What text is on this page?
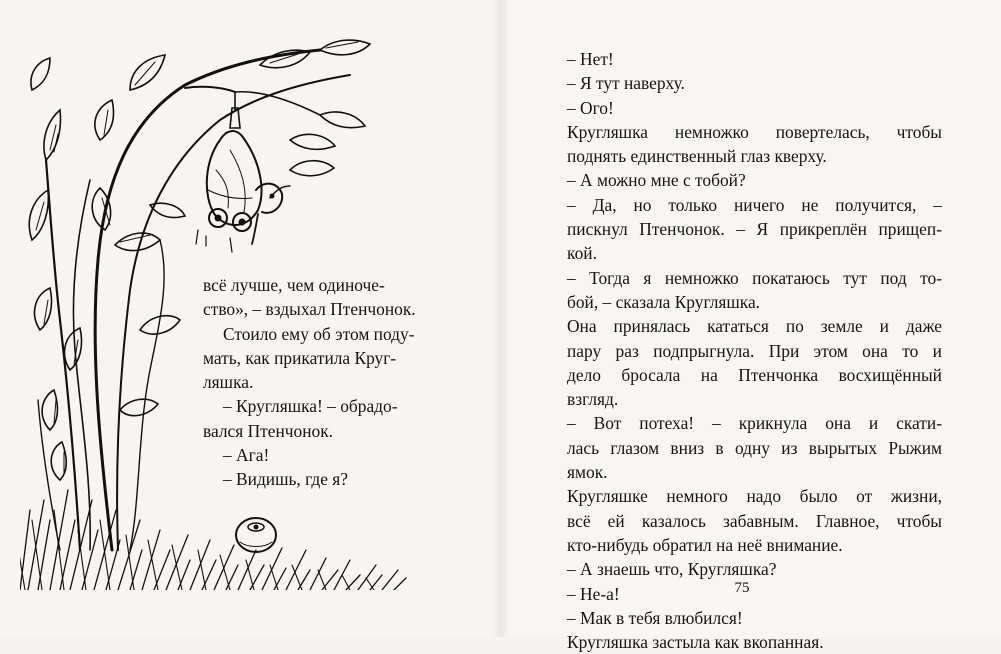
всё лучше, чем одиноче-
ство», – вздыхал Птенчонок.
Стоило ему об этом поду-
мать, как прикатила Круг-
ляшка.
– Кругляшка! – обрадо-
вался Птенчонок.
– Ага!
– Видишь, где я?
– Нет!
– Я тут наверху.
– Ого!
Кругляшка немножко повертелась, чтобы
поднять единственный глаз кверху.
– А можно мне с тобой?
– Да, но только ничего не получится, –
пискнул Птенчонок. – Я прикреплён прищеп-
кой.
– Тогда я немножко покатаюсь тут под то-
бой, – сказала Кругляшка.
Она принялась кататься по земле и даже
пару раз подпрыгнула. При этом она то и
дело бросала на Птенчонка восхищённый
взгляд.
– Вот потеха! – крикнула она и скати-
лась глазом вниз в одну из вырытых Рыжим
ямок.
Кругляшке немного надо было от жизни,
всё ей казалось забавным. Главное, чтобы
кто-нибудь обратил на неё внимание.
– А знаешь что, Кругляшка?
– Не-а!
– Мак в тебя влюбился!
Кругляшка застыла как вкопанная.
75
